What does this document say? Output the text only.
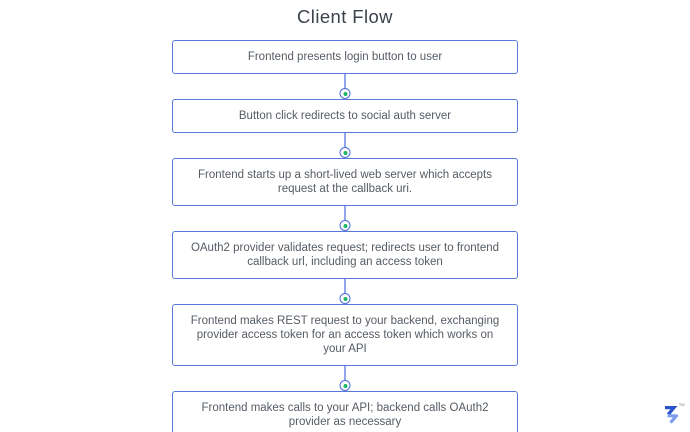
Client Flow
Frontend presents login button to user
Button click redirects to social auth server
Frontend starts up a short-lived web server which accepts request at the callback uri.
OAuth2 provider validates request; redirects user to frontend callback url, including an access token
Frontend makes REST request to your backend, exchanging provider access token for an access token which works on your API
Frontend makes calls to your API; backend calls OAuth2 provider as necessary
™
